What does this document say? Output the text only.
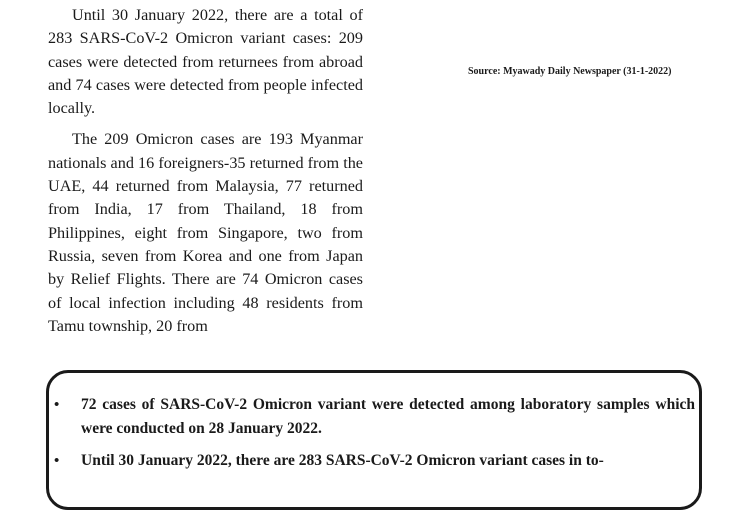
Until 30 January 2022, there are a total of 283 SARS-CoV-2 Omicron variant cases: 209 cases were detected from returnees from abroad and 74 cases were detected from people infected locally.

The 209 Omicron cases are 193 Myanmar nationals and 16 foreigners-35 returned from the UAE, 44 returned from Malaysia, 77 returned from India, 17 from Thailand, 18 from Philippines, eight from Singapore, two from Russia, seven from Korea and one from Japan by Relief Flights. There are 74 Omicron cases of local infection including 48 residents from Tamu township, 20 from

Source: Myawady Daily Newspaper (31-1-2022)
• 72 cases of SARS-CoV-2 Omicron variant were detected among laboratory samples which were conducted on 28 January 2022.
• Until 30 January 2022, there are 283 SARS-CoV-2 Omicron variant cases in to-
